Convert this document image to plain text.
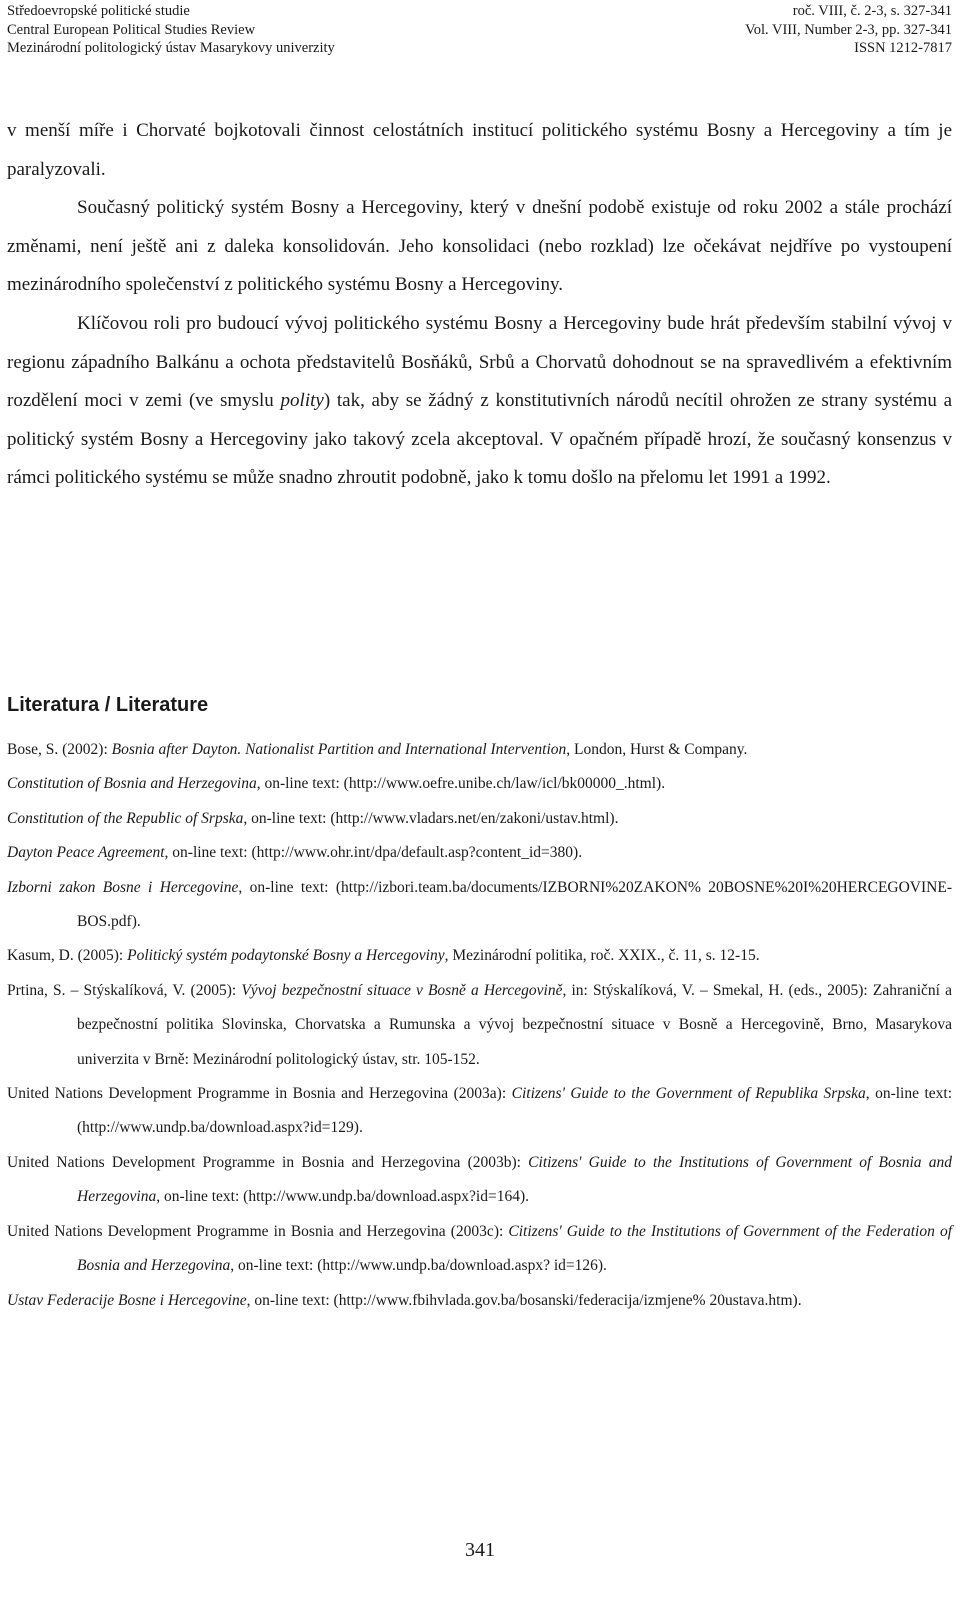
Středoevropské politické studie	roč. VIII, č. 2-3, s. 327-341
Central European Political Studies Review	Vol. VIII, Number 2-3, pp. 327-341
Mezinárodní politologický ústav Masarykovy univerzity	ISSN 1212-7817

v menší míře i Chorvaté bojkotovali činnost celostátních institucí politického systému Bosny a Hercegoviny a tím je paralyzovali.

Současný politický systém Bosny a Hercegoviny, který v dnešní podobě existuje od roku 2002 a stále prochází změnami, není ještě ani z daleka konsolidován. Jeho konsolidaci (nebo rozklad) lze očekávat nejdříve po vystoupení mezinárodního společenství z politického systému Bosny a Hercegoviny.

Klíčovou roli pro budoucí vývoj politického systému Bosny a Hercegoviny bude hrát především stabilní vývoj v regionu západního Balkánu a ochota představitelů Bosňáků, Srbů a Chorvatů dohodnout se na spravedlivém a efektivním rozdělení moci v zemi (ve smyslu polity) tak, aby se žádný z konstitutivních národů necítil ohrožen ze strany systému a politický systém Bosny a Hercegoviny jako takový zcela akceptoval. V opačném případě hrozí, že současný konsenzus v rámci politického systému se může snadno zhroutit podobně, jako k tomu došlo na přelomu let 1991 a 1992.

Literatura / Literature

Bose, S. (2002): Bosnia after Dayton. Nationalist Partition and International Intervention, London, Hurst & Company.

Constitution of Bosnia and Herzegovina, on-line text: (http://www.oefre.unibe.ch/law/icl/bk00000_.html).

Constitution of the Republic of Srpska, on-line text: (http://www.vladars.net/en/zakoni/ustav.html).

Dayton Peace Agreement, on-line text: (http://www.ohr.int/dpa/default.asp?content_id=380).

Izborni zakon Bosne i Hercegovine, on-line text: (http://izbori.team.ba/documents/IZBORNI%20ZAKON% 20BOSNE%20I%20HERCEGOVINE-BOS.pdf).

Kasum, D. (2005): Politický systém podaytonské Bosny a Hercegoviny, Mezinárodní politika, roč. XXIX., č. 11, s. 12-15.

Prtina, S. – Stýskalíková, V. (2005): Vývoj bezpečnostní situace v Bosně a Hercegovině, in: Stýskalíková, V. – Smekal, H. (eds., 2005): Zahraniční a bezpečnostní politika Slovinska, Chorvatska a Rumunska a vývoj bezpečnostní situace v Bosně a Hercegovině, Brno, Masarykova univerzita v Brně: Mezinárodní politologický ústav, str. 105-152.

United Nations Development Programme in Bosnia and Herzegovina (2003a): Citizens' Guide to the Government of Republika Srpska, on-line text: (http://www.undp.ba/download.aspx?id=129).

United Nations Development Programme in Bosnia and Herzegovina (2003b): Citizens' Guide to the Institutions of Government of Bosnia and Herzegovina, on-line text: (http://www.undp.ba/download.aspx?id=164).

United Nations Development Programme in Bosnia and Herzegovina (2003c): Citizens' Guide to the Institutions of Government of the Federation of Bosnia and Herzegovina, on-line text: (http://www.undp.ba/download.aspx? id=126).

Ustav Federacije Bosne i Hercegovine, on-line text: (http://www.fbihvlada.gov.ba/bosanski/federacija/izmjene% 20ustava.htm).

341
